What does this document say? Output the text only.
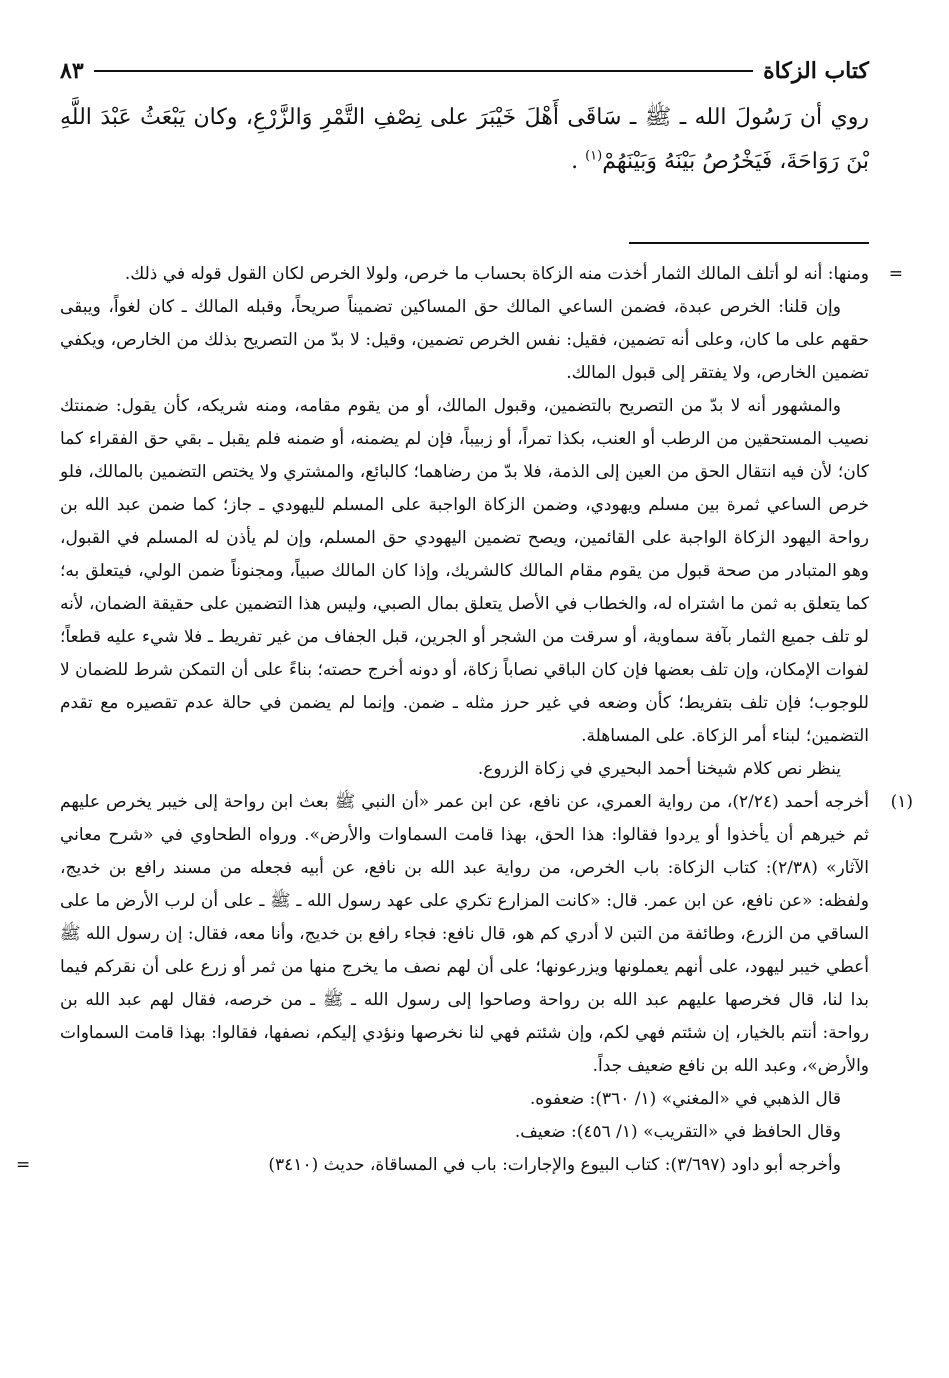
كتاب الزكاة
٨٣

روي أن رَسُولَ الله ـ ﷺ ـ سَاقَى أَهْلَ خَيْبَرَ على نِصْفِ التَّمْرِ وَالزَّرْعِ، وكان يَبْعَثُ عَبْدَ اللَّهِ بْنَ رَوَاحَةَ، فَيَخْرُصُ بَيْنَهُ وَبَيْنَهُمْ$^{(١)}$ .

=
ومنها: أنه لو أتلف المالك الثمار أخذت منه الزكاة بحساب ما خرص، ولولا الخرص لكان القول قوله في ذلك.

وإن قلنا: الخرص عبدة، فضمن الساعي المالك حق المساكين تضميناً صريحاً، وقبله المالك ـ كان لغواً، ويبقى حقهم على ما كان، وعلى أنه تضمين، فقيل: نفس الخرص تضمين، وقيل: لا بدّ من التصريح بذلك من الخارص، ويكفي تضمين الخارص، ولا يفتقر إلى قبول المالك.

والمشهور أنه لا بدّ من التصريح بالتضمين، وقبول المالك، أو من يقوم مقامه، ومنه شريكه، كأن يقول: ضمنتك نصيب المستحقين من الرطب أو العنب، بكذا تمراً، أو زبيباً، فإن لم يضمنه، أو ضمنه فلم يقبل ـ بقي حق الفقراء كما كان؛ لأن فيه انتقال الحق من العين إلى الذمة، فلا بدّ من رضاهما؛ كالبائع، والمشتري ولا يختص التضمين بالمالك، فلو خرص الساعي ثمرة بين مسلم ويهودي، وضمن الزكاة الواجبة على المسلم لليهودي ـ جاز؛ كما ضمن عبد الله بن رواحة اليهود الزكاة الواجبة على القائمين، ويصح تضمين اليهودي حق المسلم، وإن لم يأذن له المسلم في القبول، وهو المتبادر من صحة قبول من يقوم مقام المالك كالشريك، وإذا كان المالك صبياً، ومجنوناً ضمن الولي، فيتعلق به؛ كما يتعلق به ثمن ما اشتراه له، والخطاب في الأصل يتعلق بمال الصبي، وليس هذا التضمين على حقيقة الضمان، لأنه لو تلف جميع الثمار بآفة سماوية، أو سرقت من الشجر أو الجرين، قبل الجفاف من غير تفريط ـ فلا شيء عليه قطعاً؛ لفوات الإمكان، وإن تلف بعضها فإن كان الباقي نصاباً زكاة، أو دونه أخرج حصته؛ بناءً على أن التمكن شرط للضمان لا للوجوب؛ فإن تلف بتفريط؛ كأن وضعه في غير حرز مثله ـ ضمن. وإنما لم يضمن في حالة عدم تقصيره مع تقدم التضمين؛ لبناء أمر الزكاة. على المساهلة.

ينظر نص كلام شيخنا أحمد البحيري في زكاة الزروع.

(١)
أخرجه أحمد (٢/٢٤)، من رواية العمري، عن نافع، عن ابن عمر «أن النبي ﷺ بعث ابن رواحة إلى خيبر يخرص عليهم ثم خيرهم أن يأخذوا أو يردوا فقالوا: هذا الحق، بهذا قامت السماوات والأرض». ورواه الطحاوي في «شرح معاني الآثار» (٢/٣٨): كتاب الزكاة: باب الخرص، من رواية عبد الله بن نافع، عن أبيه فجعله من مسند رافع بن خديج، ولفظه: «عن نافع، عن ابن عمر. قال: «كانت المزارع تكري على عهد رسول الله ـ ﷺ ـ على أن لرب الأرض ما على الساقي من الزرع، وطائفة من التبن لا أدري كم هو، قال نافع: فجاء رافع بن خديج، وأنا معه، فقال: إن رسول الله ﷺ أعطي خيبر ليهود، على أنهم يعملونها ويزرعونها؛ على أن لهم نصف ما يخرج منها من ثمر أو زرع على أن نقركم فيما بدا لنا، قال فخرصها عليهم عبد الله بن رواحة وصاحوا إلى رسول الله ـ ﷺ ـ من خرصه، فقال لهم عبد الله بن رواحة: أنتم بالخيار، إن شئتم فهي لكم، وإن شئتم فهي لنا نخرصها ونؤدي إليكم، نصفها، فقالوا: بهذا قامت السماوات والأرض»، وعبد الله بن نافع ضعيف جداً.

قال الذهبي في «المغني» (١/ ٣٦٠): ضعفوه.

وقال الحافظ في «التقريب» (١/ ٤٥٦): ضعيف.

وأخرجه أبو داود (٣/٦٩٧): كتاب البيوع والإجارات: باب في المساقاة، حديث (٣٤١٠)
=
